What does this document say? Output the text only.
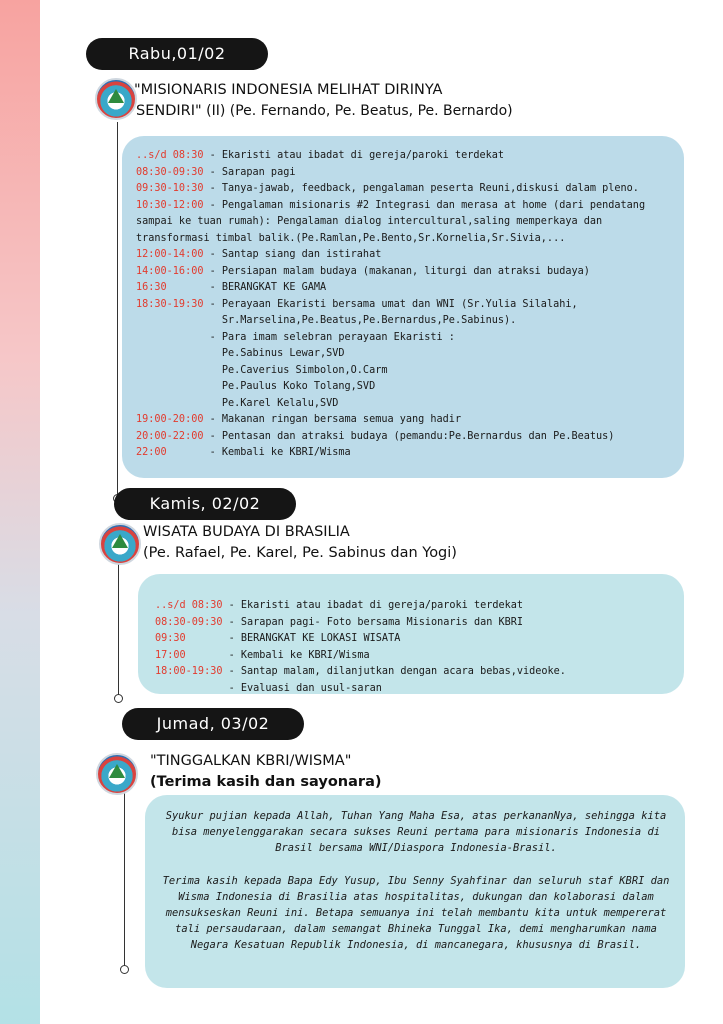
Rabu,01/02
"MISIONARIS INDONESIA MELIHAT DIRINYA
SENDIRI" (II) (Pe. Fernando, Pe. Beatus, Pe. Bernardo)
..s/d 08:30 - Ekaristi atau ibadat di gereja/paroki terdekat
08:30-09:30 - Sarapan pagi
09:30-10:30 - Tanya-jawab, feedback, pengalaman peserta Reuni,diskusi dalam pleno.
10:30-12:00 - Pengalaman misionaris #2 Integrasi dan merasa at home (dari pendatang
sampai ke tuan rumah): Pengalaman dialog intercultural,saling memperkaya dan
transformasi timbal balik.(Pe.Ramlan,Pe.Bento,Sr.Kornelia,Sr.Sivia,...
12:00-14:00 - Santap siang dan istirahat
14:00-16:00 - Persiapan malam budaya (makanan, liturgi dan atraksi budaya)
16:30 - BERANGKAT KE GAMA
18:30-19:30 - Perayaan Ekaristi bersama umat dan WNI (Sr.Yulia Silalahi,

Sr.Marselina,Pe.Beatus,Pe.Bernardus,Pe.Sabinus).

- Para imam selebran perayaan Ekaristi :

Pe.Sabinus Lewar,SVD

Pe.Caverius Simbolon,O.Carm

Pe.Paulus Koko Tolang,SVD

Pe.Karel Kelalu,SVD
19:00-20:00 - Makanan ringan bersama semua yang hadir
20:00-22:00 - Pentasan dan atraksi budaya (pemandu:Pe.Bernardus dan Pe.Beatus)
22:00 - Kembali ke KBRI/Wisma
Kamis, 02/02
WISATA BUDAYA DI BRASILIA
(Pe. Rafael, Pe. Karel, Pe. Sabinus dan Yogi)
..s/d 08:30 - Ekaristi atau ibadat di gereja/paroki terdekat
08:30-09:30 - Sarapan pagi- Foto bersama Misionaris dan KBRI
09:30 - BERANGKAT KE LOKASI WISATA
17:00 - Kembali ke KBRI/Wisma
18:00-19:30 - Santap malam, dilanjutkan dengan acara bebas,videoke.

- Evaluasi dan usul-saran
Jumad, 03/02
"TINGGALKAN KBRI/WISMA"
(Terima kasih dan sayonara)

Syukur pujian kepada Allah, Tuhan Yang Maha Esa, atas perkananNya, sehingga kita bisa menyelenggarakan secara sukses Reuni pertama para misionaris Indonesia di Brasil bersama WNI/Diaspora Indonesia-Brasil.

Terima kasih kepada Bapa Edy Yusup, Ibu Senny Syahfinar dan seluruh staf KBRI dan Wisma Indonesia di Brasilia atas hospitalitas, dukungan dan kolaborasi dalam mensukseskan Reuni ini. Betapa semuanya ini telah membantu kita untuk mempererat tali persaudaraan, dalam semangat Bhineka Tunggal Ika, demi mengharumkan nama Negara Kesatuan Republik Indonesia, di mancanegara, khususnya di Brasil.
